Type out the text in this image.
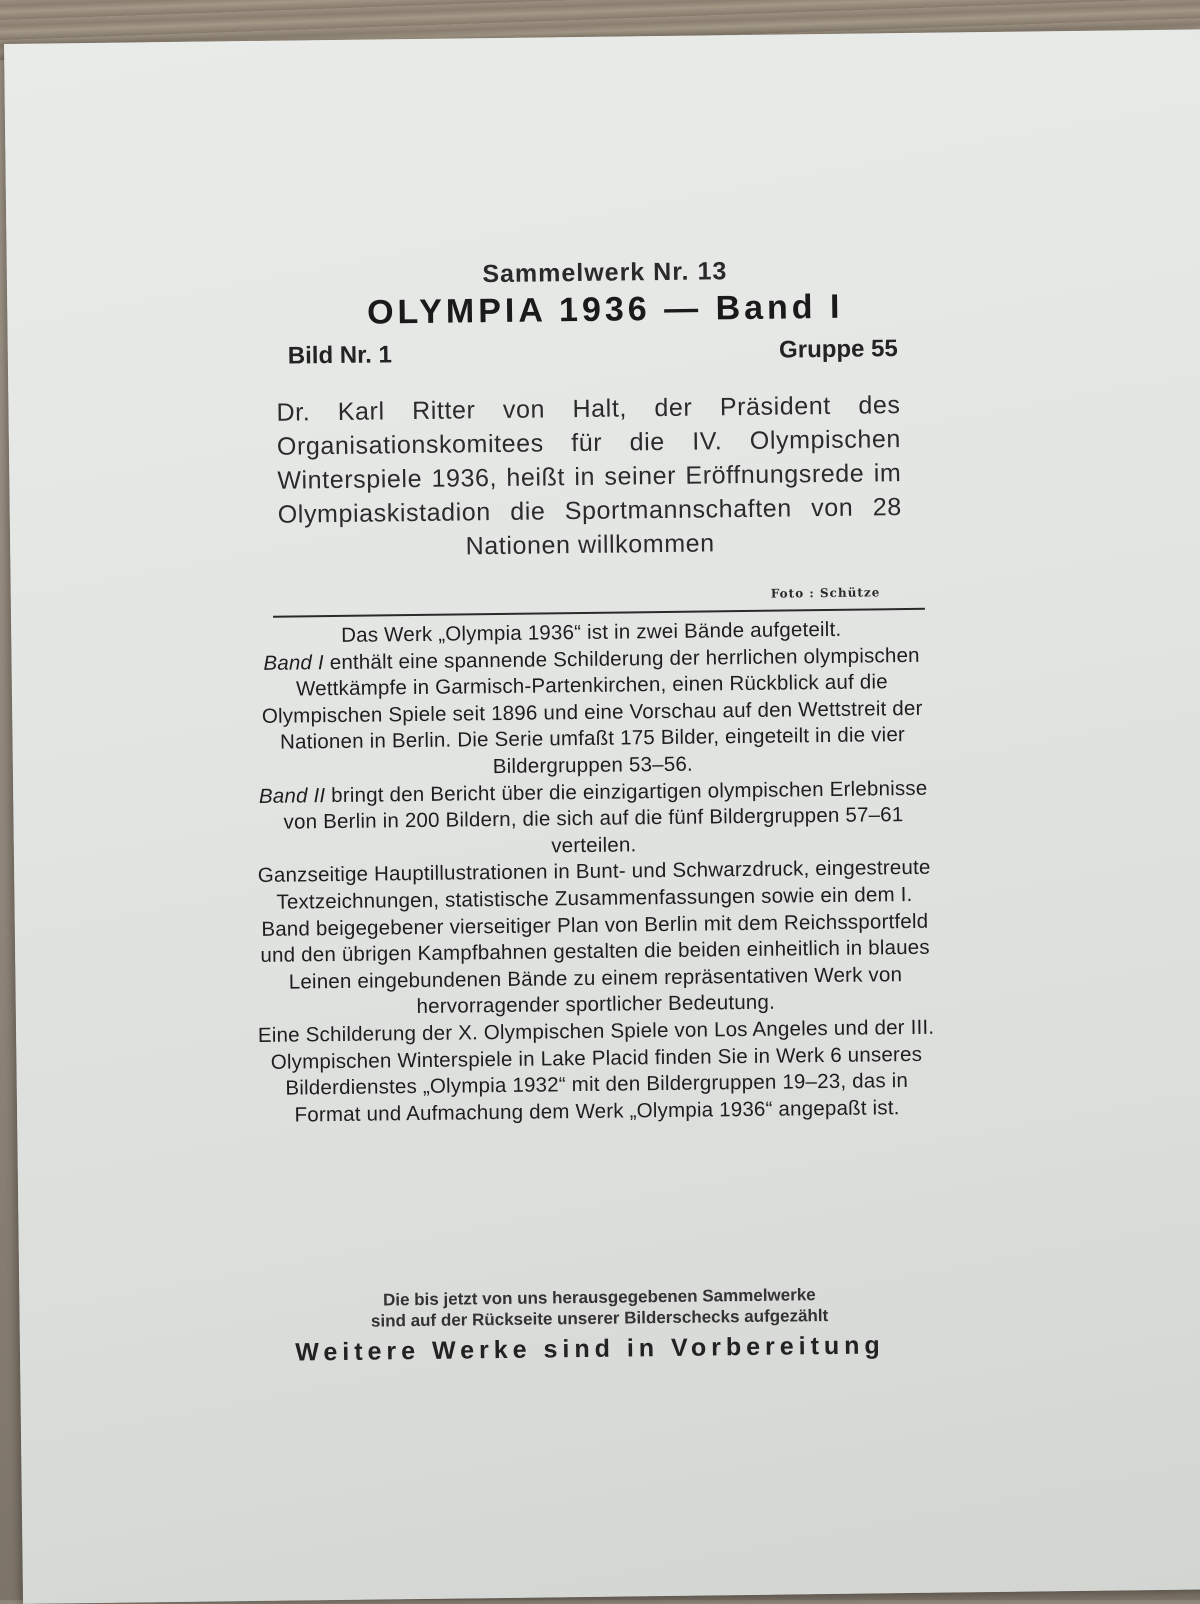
Sammelwerk Nr. 13
OLYMPIA 1936 — Band I
Bild Nr. 1	Gruppe 55
Dr. Karl Ritter von Halt, der Präsident des Organisationskomitees für die IV. Olympischen Winterspiele 1936, heißt in seiner Eröffnungsrede im Olympiaskistadion die Sportmannschaften von 28 Nationen willkommen
Foto : Schütze

Das Werk „Olympia 1936“ ist in zwei Bände aufgeteilt.

Band I enthält eine spannende Schilderung der herrlichen olympischen Wettkämpfe in Garmisch-Partenkirchen, einen Rückblick auf die Olympischen Spiele seit 1896 und eine Vorschau auf den Wettstreit der Nationen in Berlin. Die Serie umfaßt 175 Bilder, eingeteilt in die vier Bildergruppen 53–56.

Band II bringt den Bericht über die einzigartigen olympischen Erlebnisse von Berlin in 200 Bildern, die sich auf die fünf Bildergruppen 57–61 verteilen.

Ganzseitige Hauptillustrationen in Bunt- und Schwarzdruck, eingestreute Textzeichnungen, statistische Zusammenfassungen sowie ein dem I. Band beigegebener vierseitiger Plan von Berlin mit dem Reichssportfeld und den übrigen Kampfbahnen gestalten die beiden einheitlich in blaues Leinen eingebundenen Bände zu einem repräsentativen Werk von hervorragender sportlicher Bedeutung.

Eine Schilderung der X. Olympischen Spiele von Los Angeles und der III. Olympischen Winterspiele in Lake Placid finden Sie in Werk 6 unseres Bilderdienstes „Olympia 1932“ mit den Bildergruppen 19–23, das in Format und Aufmachung dem Werk „Olympia 1936“ angepaßt ist.

Die bis jetzt von uns herausgegebenen Sammelwerke
sind auf der Rückseite unserer Bilderschecks aufgezählt
Weitere Werke sind in Vorbereitung
